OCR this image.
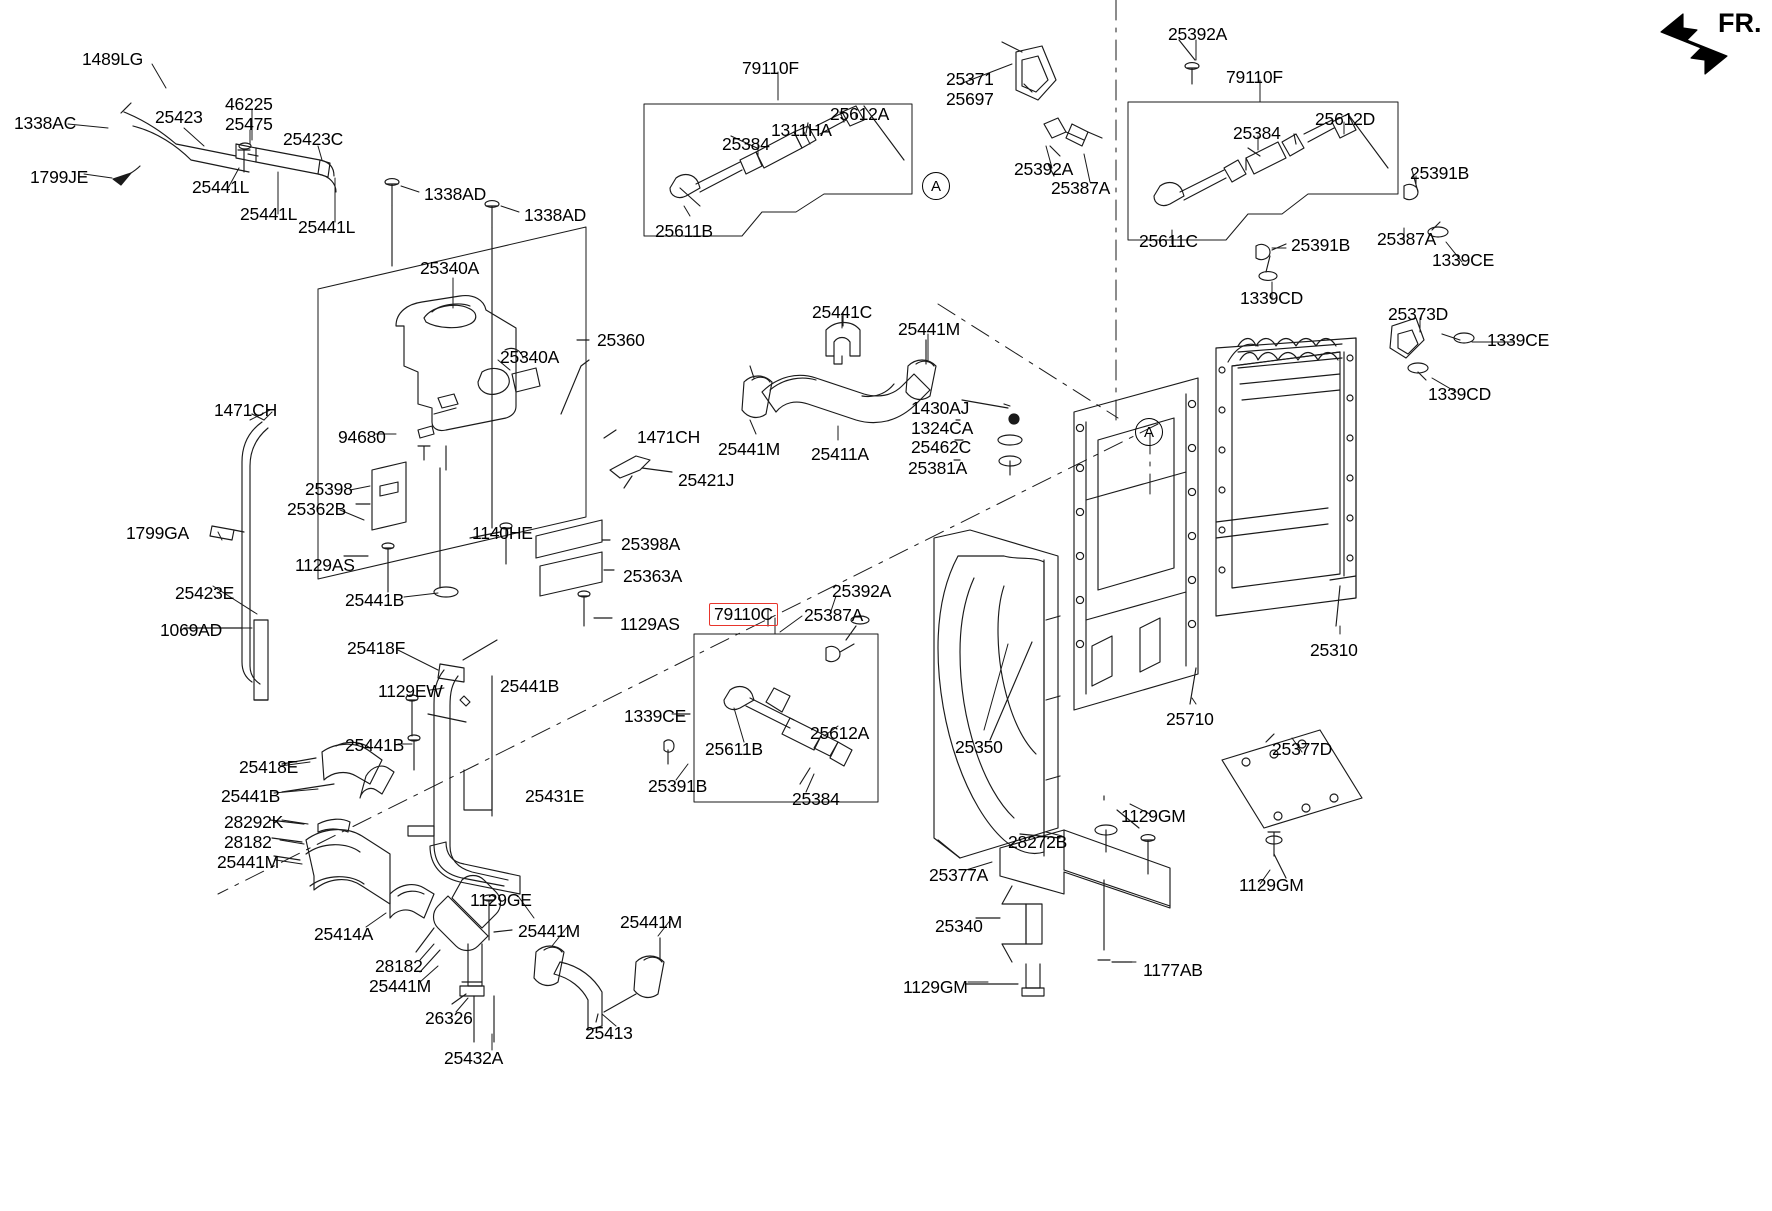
FR.
1489LG
1338AC
1799JE
25423
46225
25475
25423C
25441L
25441L
25441L
1338AD
1338AD
25340A
25340A
25360
94680
1471CH
1471CH
25421J
1799GA
25423E
1069AD
25398
25362B
1129AS
25441B
1140HE
25398A
25363A
1129AS
25418F
1129EW	25441B
25441B
25418E
25441B	25431E
28292K
28182
25441M
25414A
28182
25441M
26326
25432A
1129GE
25441M 25441M
25413
79110F
25384
1311HA
25612A
25611B
25441C
25441M
25411A
25441M
1430AJ
1324CA
25462C
25381A
79110C
25392A
25387A
1339CE
25611B
25612A
25391B
25384
25371
25697
25392A
25387A
25392A
79110F
25384
25612D
25391B
25611C	25391B 25387A
1339CE
1339CD
25373D
1339CE
1339CD
25310
25710
25350	25377D
1129GM
28272B
25377A	1129GM
25340
1177AB
1129GM
A
A
